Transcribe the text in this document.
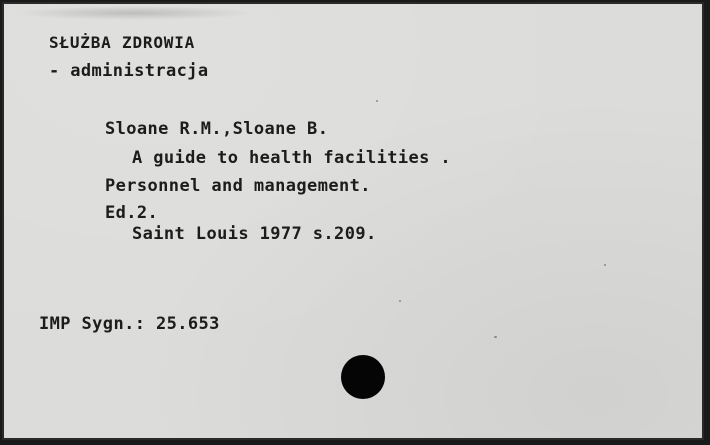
SŁUŻBA ZDROWIA
- administracja
Sloane R.M.,Sloane B.
A guide to health facilities .
Personnel and management.
Ed.2.
Saint Louis 1977 s.209.
IMP Sygn.: 25.653
